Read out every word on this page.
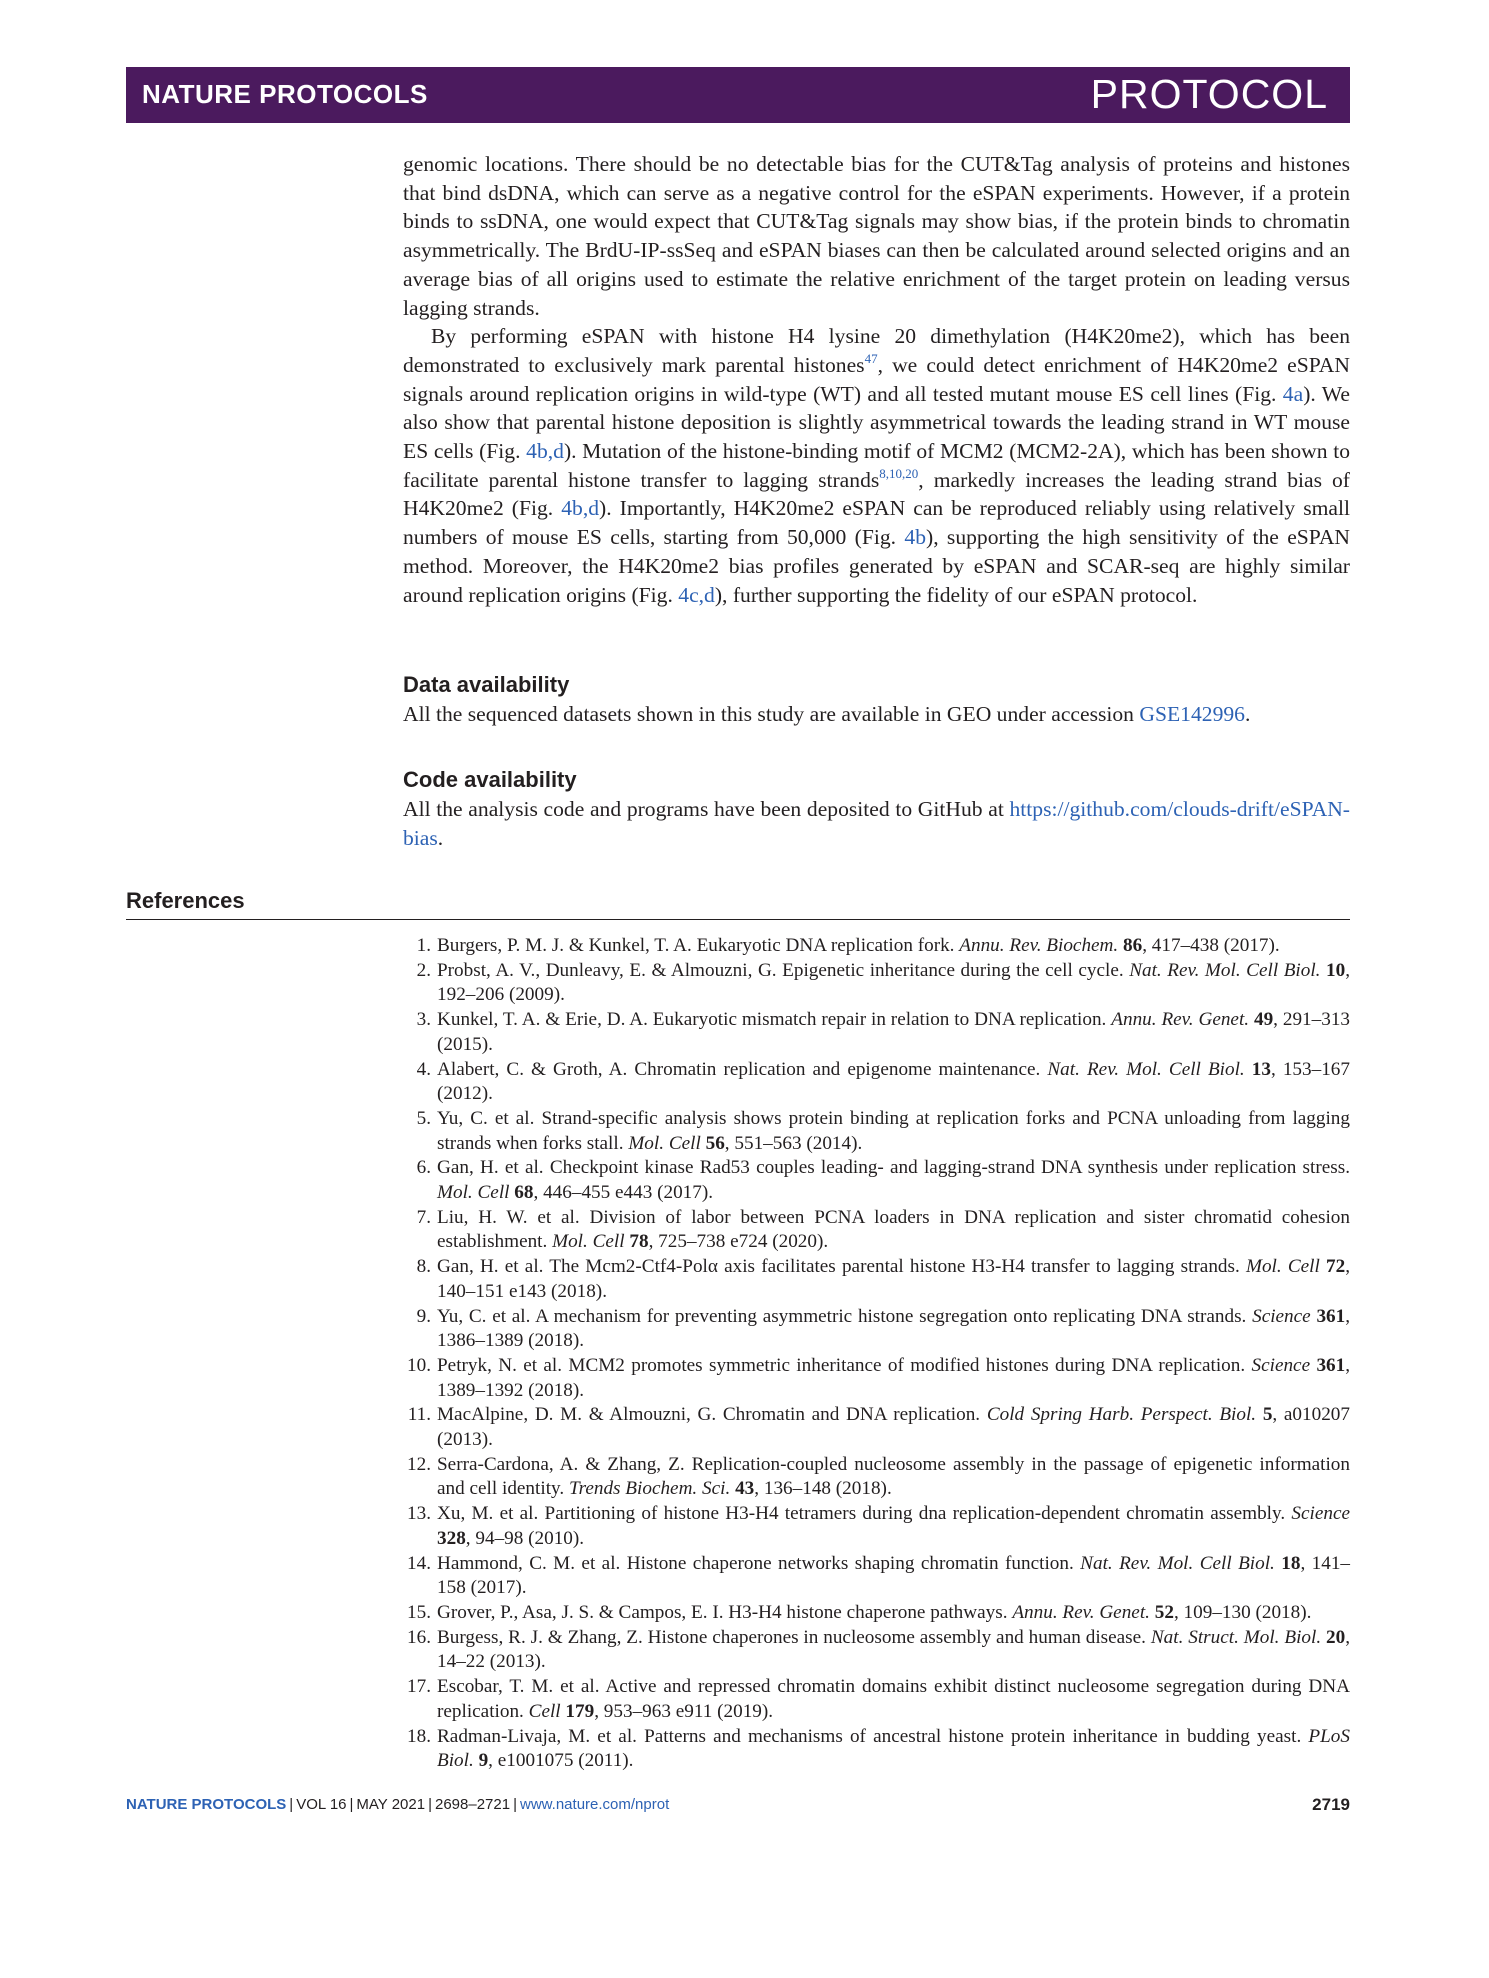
NATURE PROTOCOLS	PROTOCOL

genomic locations. There should be no detectable bias for the CUT&Tag analysis of proteins and histones that bind dsDNA, which can serve as a negative control for the eSPAN experiments. However, if a protein binds to ssDNA, one would expect that CUT&Tag signals may show bias, if the protein binds to chromatin asymmetrically. The BrdU-IP-ssSeq and eSPAN biases can then be calculated around selected origins and an average bias of all origins used to estimate the relative enrichment of the target protein on leading versus lagging strands.

By performing eSPAN with histone H4 lysine 20 dimethylation (H4K20me2), which has been demonstrated to exclusively mark parental histones$^{47}$, we could detect enrichment of H4K20me2 eSPAN signals around replication origins in wild-type (WT) and all tested mutant mouse ES cell lines (Fig. 4a). We also show that parental histone deposition is slightly asymmetrical towards the leading strand in WT mouse ES cells (Fig. 4b,d). Mutation of the histone-binding motif of MCM2 (MCM2-2A), which has been shown to facilitate parental histone transfer to lagging strands$^{8,10,20}$, markedly increases the leading strand bias of H4K20me2 (Fig. 4b,d). Importantly, H4K20me2 eSPAN can be reproduced reliably using relatively small numbers of mouse ES cells, starting from 50,000 (Fig. 4b), supporting the high sensitivity of the eSPAN method. Moreover, the H4K20me2 bias profiles generated by eSPAN and SCAR-seq are highly similar around replication origins (Fig. 4c,d), further supporting the fidelity of our eSPAN protocol.

Data availability

All the sequenced datasets shown in this study are available in GEO under accession GSE142996.

Code availability

All the analysis code and programs have been deposited to GitHub at https://github.com/clouds-drift/eSPAN-bias.

References
1. Burgers, P. M. J. & Kunkel, T. A. Eukaryotic DNA replication fork. Annu. Rev. Biochem. 86, 417–438 (2017).
2. Probst, A. V., Dunleavy, E. & Almouzni, G. Epigenetic inheritance during the cell cycle. Nat. Rev. Mol. Cell Biol. 10, 192–206 (2009).
3. Kunkel, T. A. & Erie, D. A. Eukaryotic mismatch repair in relation to DNA replication. Annu. Rev. Genet. 49, 291–313 (2015).
4. Alabert, C. & Groth, A. Chromatin replication and epigenome maintenance. Nat. Rev. Mol. Cell Biol. 13, 153–167 (2012).
5. Yu, C. et al. Strand-specific analysis shows protein binding at replication forks and PCNA unloading from lagging strands when forks stall. Mol. Cell 56, 551–563 (2014).
6. Gan, H. et al. Checkpoint kinase Rad53 couples leading- and lagging-strand DNA synthesis under replication stress. Mol. Cell 68, 446–455 e443 (2017).
7. Liu, H. W. et al. Division of labor between PCNA loaders in DNA replication and sister chromatid cohesion establishment. Mol. Cell 78, 725–738 e724 (2020).
8. Gan, H. et al. The Mcm2-Ctf4-Polα axis facilitates parental histone H3-H4 transfer to lagging strands. Mol. Cell 72, 140–151 e143 (2018).
9. Yu, C. et al. A mechanism for preventing asymmetric histone segregation onto replicating DNA strands. Science 361, 1386–1389 (2018).
10. Petryk, N. et al. MCM2 promotes symmetric inheritance of modified histones during DNA replication. Science 361, 1389–1392 (2018).
11. MacAlpine, D. M. & Almouzni, G. Chromatin and DNA replication. Cold Spring Harb. Perspect. Biol. 5, a010207 (2013).
12. Serra-Cardona, A. & Zhang, Z. Replication-coupled nucleosome assembly in the passage of epigenetic information and cell identity. Trends Biochem. Sci. 43, 136–148 (2018).
13. Xu, M. et al. Partitioning of histone H3-H4 tetramers during dna replication-dependent chromatin assembly. Science 328, 94–98 (2010).
14. Hammond, C. M. et al. Histone chaperone networks shaping chromatin function. Nat. Rev. Mol. Cell Biol. 18, 141–158 (2017).
15. Grover, P., Asa, J. S. & Campos, E. I. H3-H4 histone chaperone pathways. Annu. Rev. Genet. 52, 109–130 (2018).
16. Burgess, R. J. & Zhang, Z. Histone chaperones in nucleosome assembly and human disease. Nat. Struct. Mol. Biol. 20, 14–22 (2013).
17. Escobar, T. M. et al. Active and repressed chromatin domains exhibit distinct nucleosome segregation during DNA replication. Cell 179, 953–963 e911 (2019).
18. Radman-Livaja, M. et al. Patterns and mechanisms of ancestral histone protein inheritance in budding yeast. PLoS Biol. 9, e1001075 (2011).
NATURE PROTOCOLS | VOL 16 | MAY 2021 | 2698–2721 | www.nature.com/nprot	2719
